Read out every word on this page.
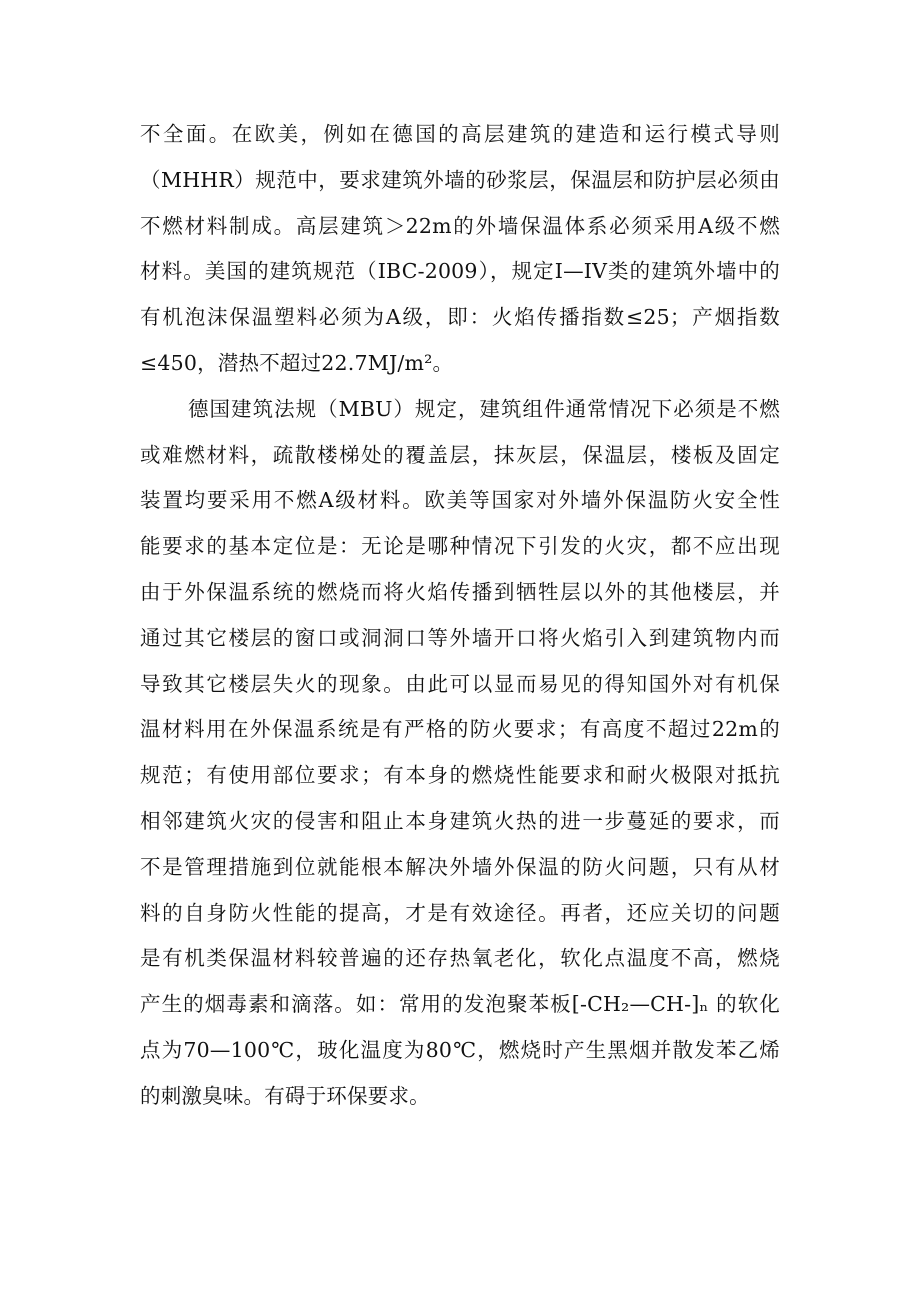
不全面。在欧美，例如在德国的高层建筑的建造和运行模式导则
（MHHR）规范中，要求建筑外墙的砂浆层，保温层和防护层必须由
不燃材料制成。高层建筑＞22m的外墙保温体系必须采用A级不燃
材料。美国的建筑规范（IBC-2009），规定I—IV类的建筑外墙中的
有机泡沫保温塑料必须为A级，即：火焰传播指数≤25；产烟指数
≤450，潜热不超过22.7MJ/m²。
德国建筑法规（MBU）规定，建筑组件通常情况下必须是不燃
或难燃材料，疏散楼梯处的覆盖层，抹灰层，保温层，楼板及固定
装置均要采用不燃A级材料。欧美等国家对外墙外保温防火安全性
能要求的基本定位是：无论是哪种情况下引发的火灾，都不应出现
由于外保温系统的燃烧而将火焰传播到牺牲层以外的其他楼层，并
通过其它楼层的窗口或洞洞口等外墙开口将火焰引入到建筑物内而
导致其它楼层失火的现象。由此可以显而易见的得知国外对有机保
温材料用在外保温系统是有严格的防火要求；有高度不超过22m的
规范；有使用部位要求；有本身的燃烧性能要求和耐火极限对抵抗
相邻建筑火灾的侵害和阻止本身建筑火热的进一步蔓延的要求，而
不是管理措施到位就能根本解决外墙外保温的防火问题，只有从材
料的自身防火性能的提高，才是有效途径。再者，还应关切的问题
是有机类保温材料较普遍的还存热氧老化，软化点温度不高，燃烧
产生的烟毒素和滴落。如：常用的发泡聚苯板[-CH₂—CH-]ₙ 的软化
点为70—100℃，玻化温度为80℃，燃烧时产生黑烟并散发苯乙烯
的刺激臭味。有碍于环保要求。
